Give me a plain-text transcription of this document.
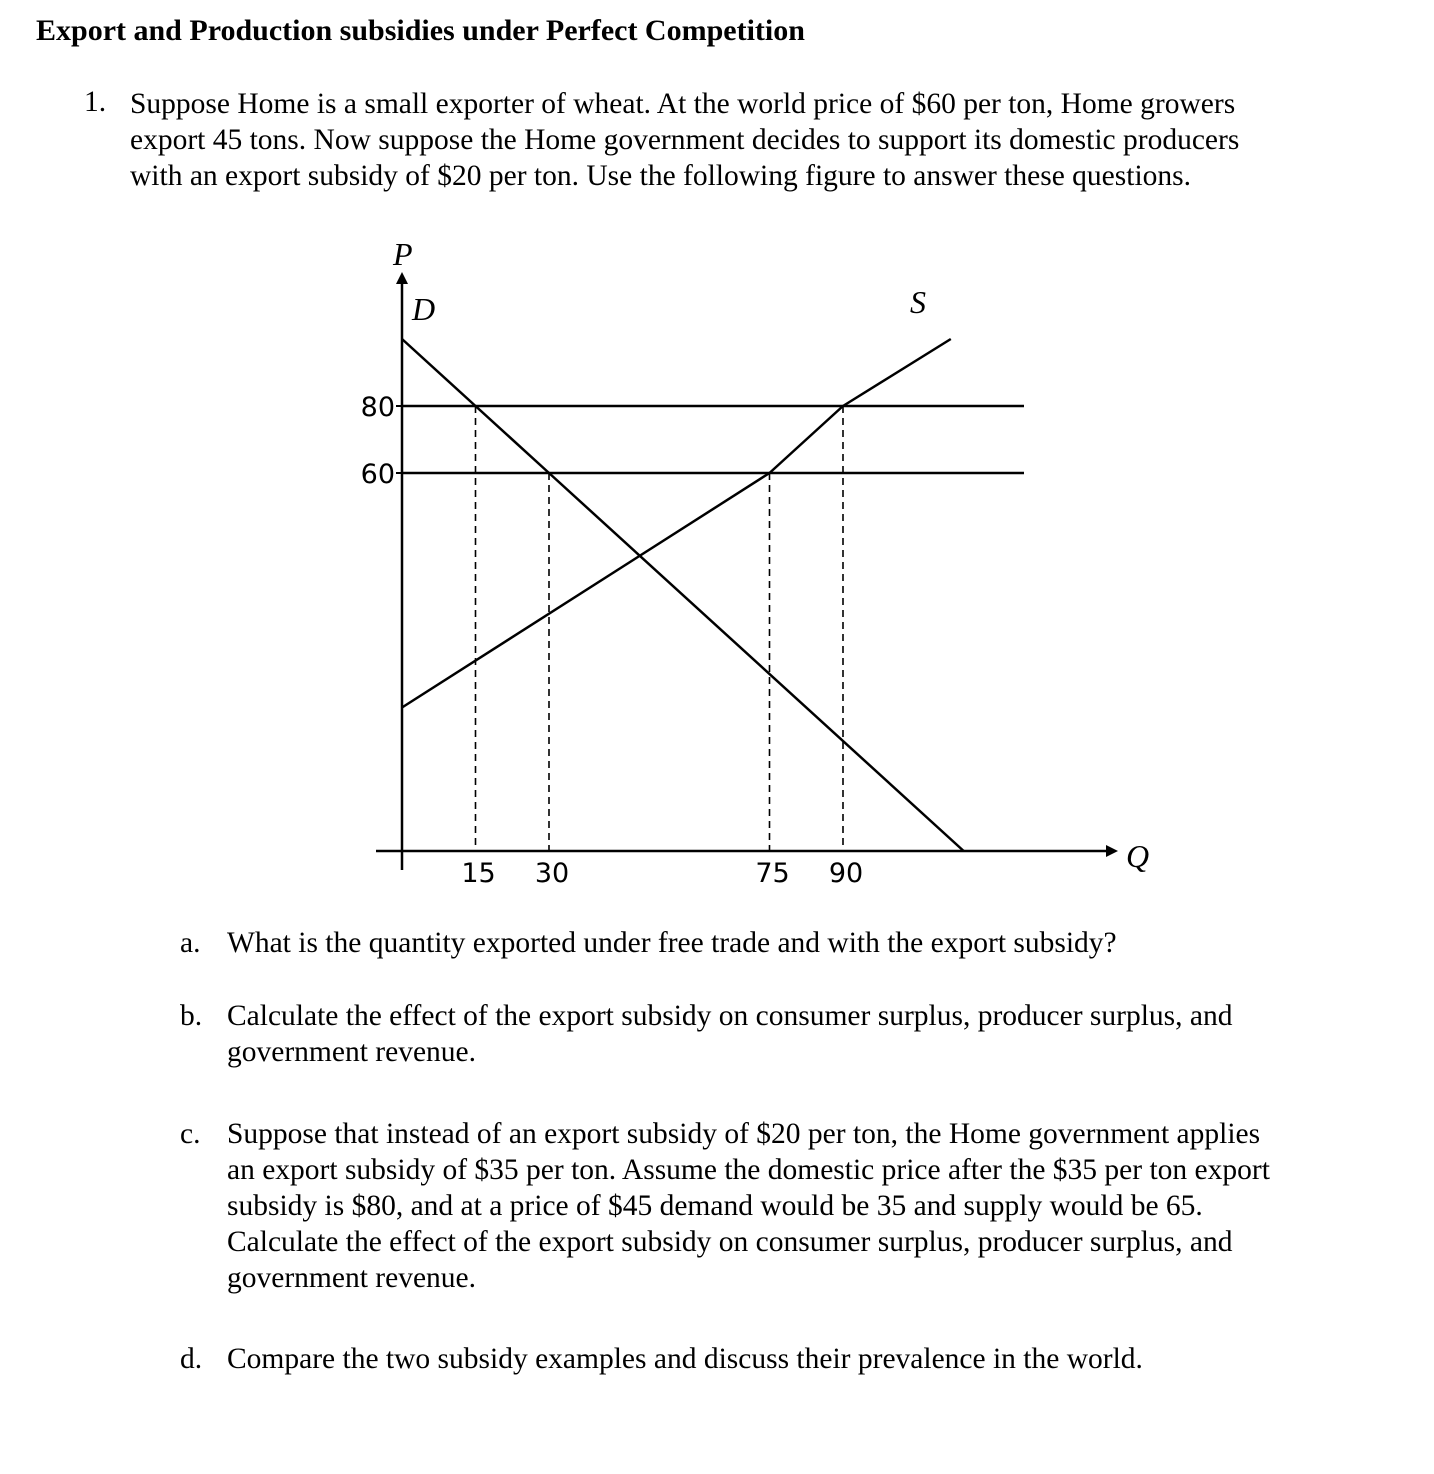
Export and Production subsidies under Perfect Competition
1. Suppose Home is a small exporter of wheat. At the world price of $60 per ton, Home growers
export 45 tons. Now suppose the Home government decides to support its domestic producers
with an export subsidy of $20 per ton. Use the following figure to answer these questions.
P
Q
D	S
80
60
15 30	75 90
a. What is the quantity exported under free trade and with the export subsidy?
b. Calculate the effect of the export subsidy on consumer surplus, producer surplus, and
government revenue.
c. Suppose that instead of an export subsidy of $20 per ton, the Home government applies
an export subsidy of $35 per ton. Assume the domestic price after the $35 per ton export
subsidy is $80, and at a price of $45 demand would be 35 and supply would be 65.
Calculate the effect of the export subsidy on consumer surplus, producer surplus, and
government revenue.
d. Compare the two subsidy examples and discuss their prevalence in the world.
